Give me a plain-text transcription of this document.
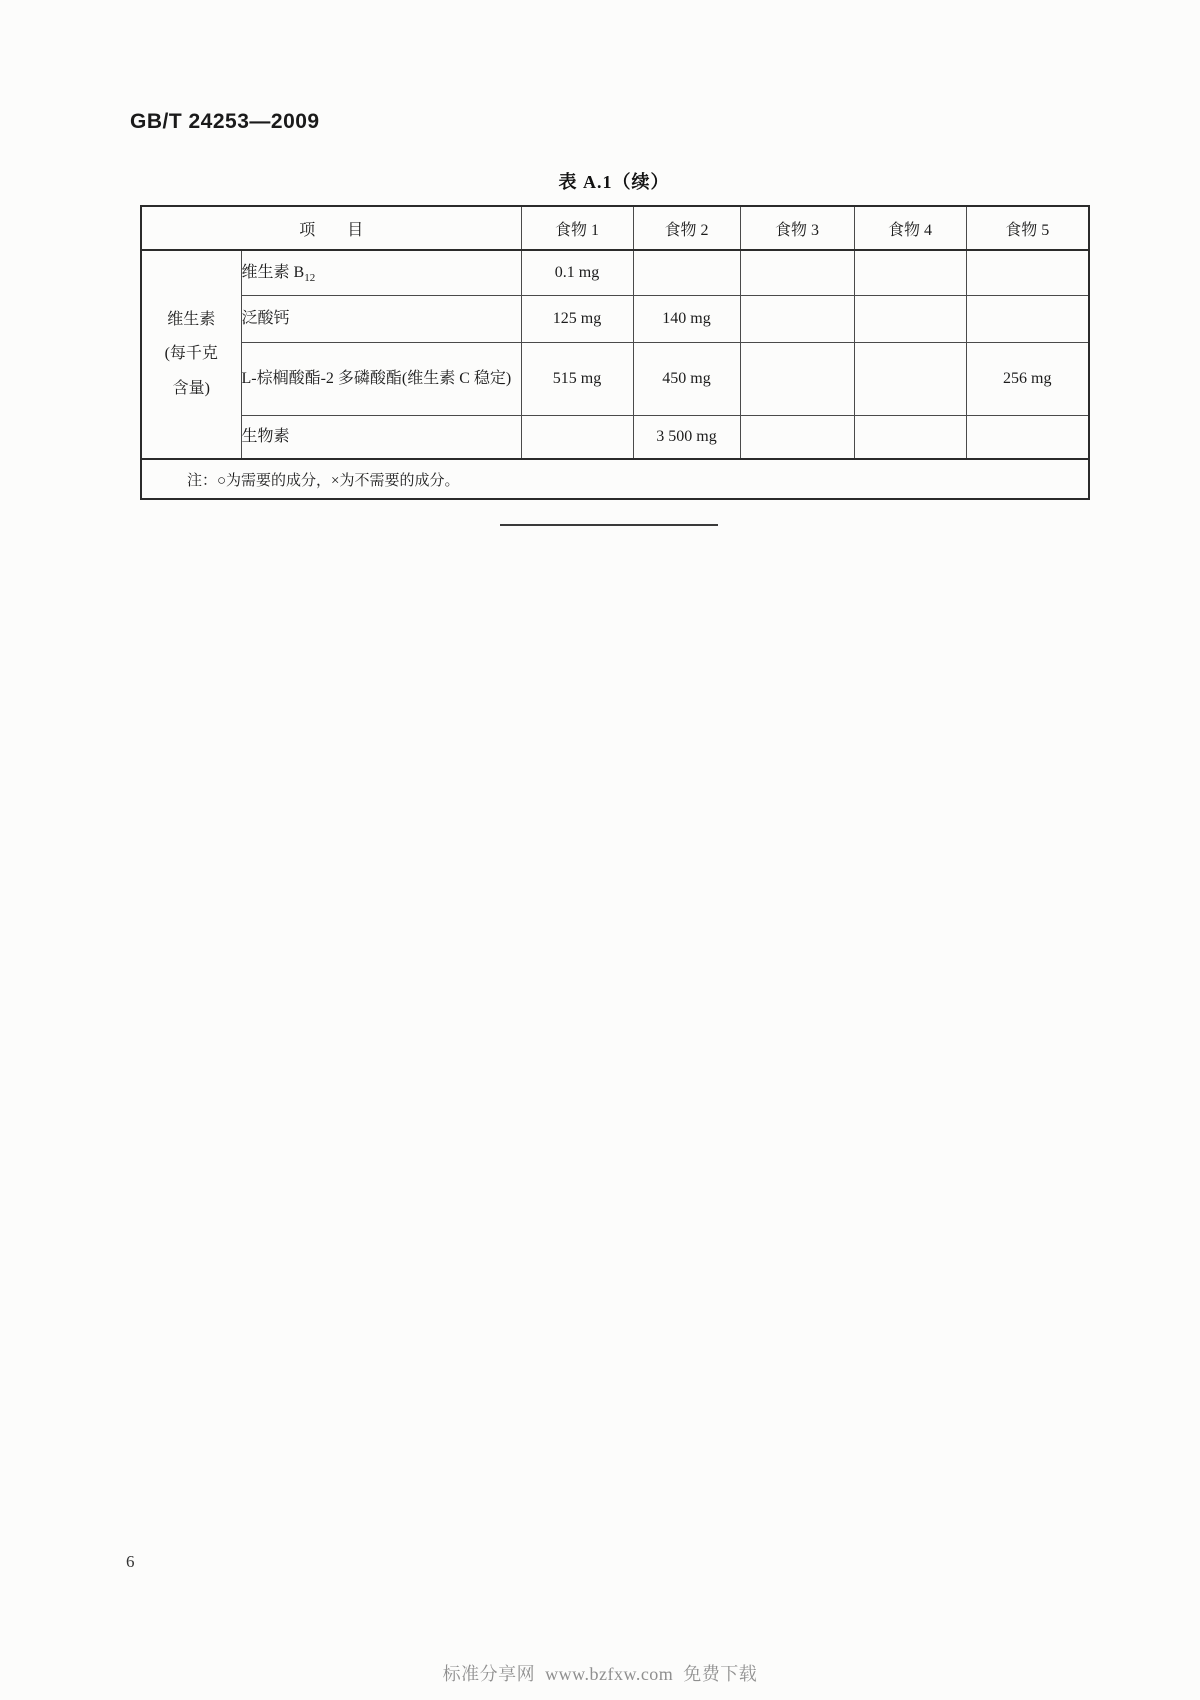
GB/T 24253—2009
表 A.1（续）
项　　目		食物 1	食物 2	食物 3	食物 4	食物 5

维生素
(每千克
含量)	维生素 $B_{12}$	0.1 mg				
	泛酸钙	125 mg	140 mg			
	L-棕榈酸酯-2 多磷酸酯(维生素 C 稳定)	515 mg	450 mg			256 mg
	生物素		3 500 mg			
注：○为需要的成分，×为不需要的成分。						
6
标准分享网  www.bzfxw.com  免费下载
